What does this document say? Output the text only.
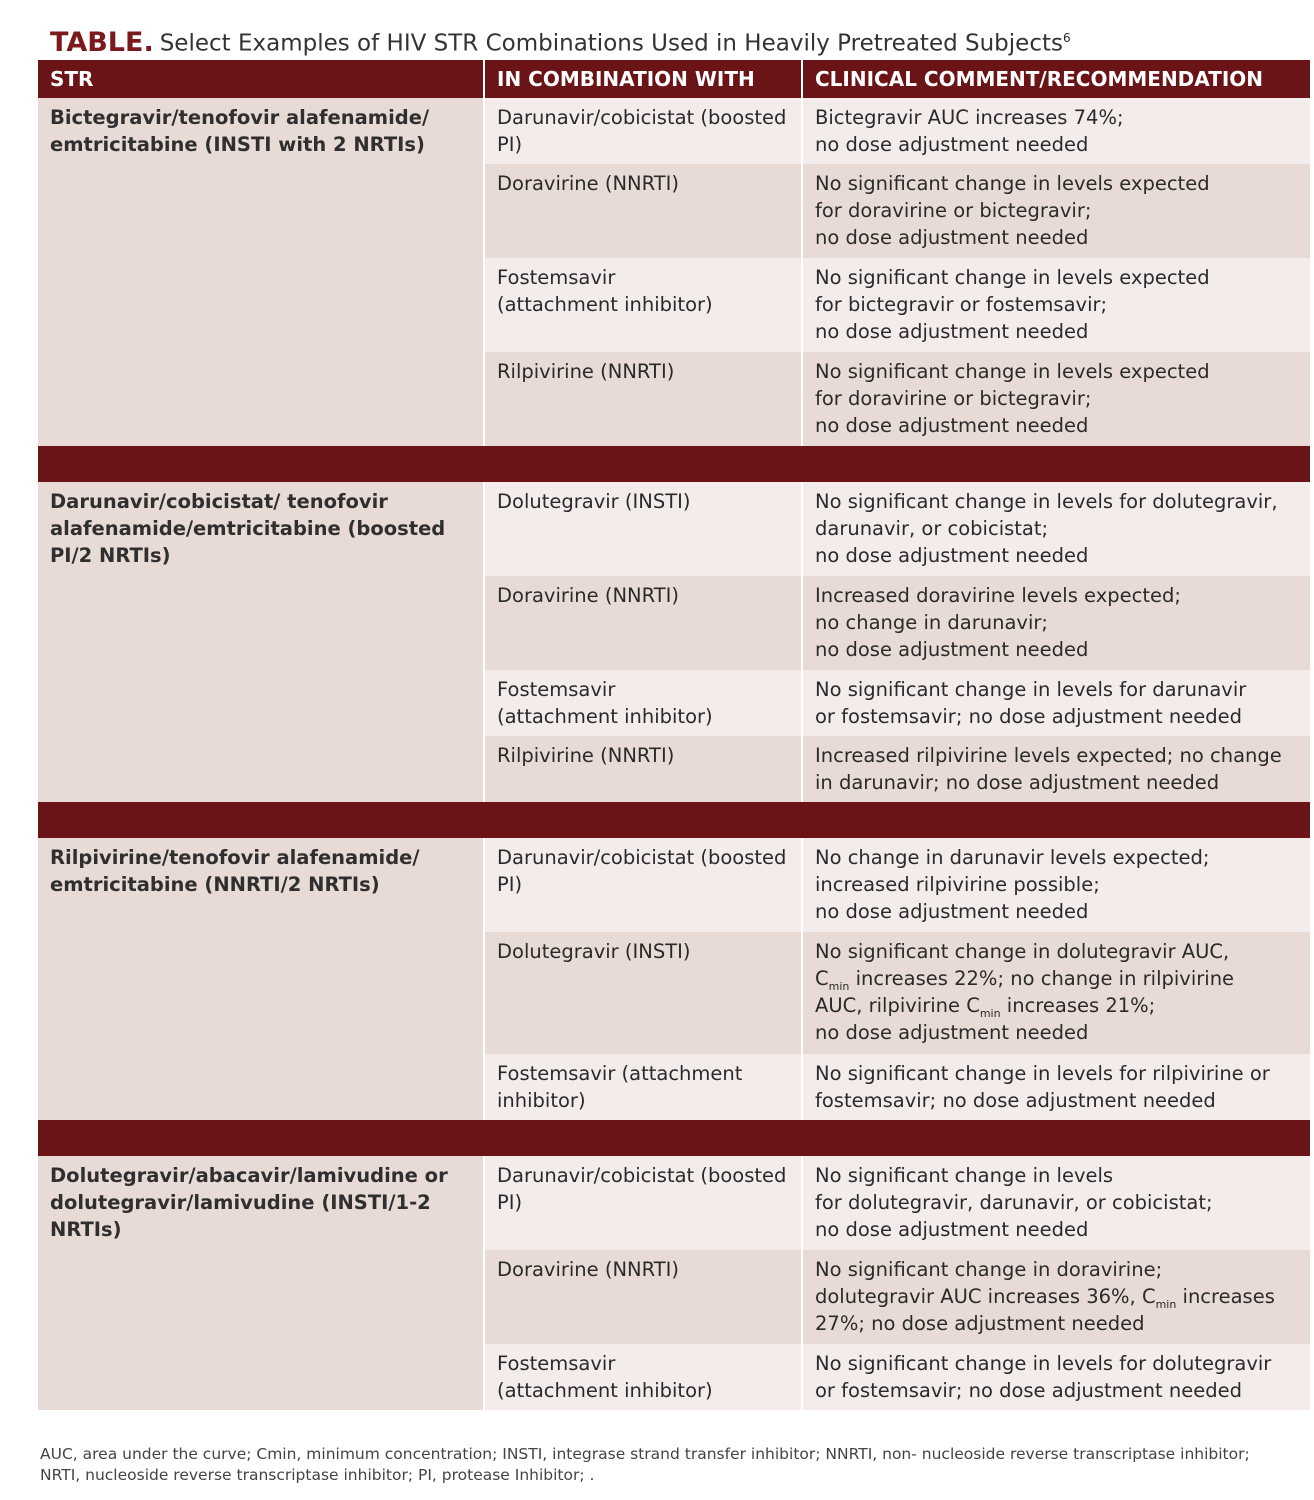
TABLE. Select Examples of HIV STR Combinations Used in Heavily Pretreated Subjects$^6$
STR	IN COMBINATION WITH	CLINICAL COMMENT/RECOMMENDATION
Bictegravir/tenofovir alafenamide/ emtricitabine (INSTI with 2 NRTIs)	Darunavir/cobicistat (boosted PI)	Bictegravir AUC increases 74%;
no dose adjustment needed
	Doravirine (NNRTI)	No significant change in levels expected
for doravirine or bictegravir;
no dose adjustment needed
	Fostemsavir
(attachment inhibitor)	No significant change in levels expected
for bictegravir or fostemsavir;
no dose adjustment needed
	Rilpivirine (NNRTI)	No significant change in levels expected
for doravirine or bictegravir;
no dose adjustment needed

Darunavir/cobicistat/ tenofovir alafenamide/emtricitabine (boosted PI/2 NRTIs)	Dolutegravir (INSTI)	No significant change in levels for dolutegravir,
darunavir, or cobicistat;
no dose adjustment needed
	Doravirine (NNRTI)	Increased doravirine levels expected;
no change in darunavir;
no dose adjustment needed
	Fostemsavir
(attachment inhibitor)	No significant change in levels for darunavir
or fostemsavir; no dose adjustment needed
	Rilpivirine (NNRTI)	Increased rilpivirine levels expected; no change
in darunavir; no dose adjustment needed

Rilpivirine/tenofovir alafenamide/ emtricitabine (NNRTI/2 NRTIs)	Darunavir/cobicistat (boosted PI)	No change in darunavir levels expected;
increased rilpivirine possible;
no dose adjustment needed
	Dolutegravir (INSTI)	No significant change in dolutegravir AUC,
$C_{min}$ increases 22%; no change in rilpivirine
AUC, rilpivirine $C_{min}$ increases 21%;
no dose adjustment needed
	Fostemsavir (attachment inhibitor)	No significant change in levels for rilpivirine or
fostemsavir; no dose adjustment needed

Dolutegravir/abacavir/lamivudine or dolutegravir/lamivudine (INSTI/1-2 NRTIs)	Darunavir/cobicistat (boosted PI)	No significant change in levels
for dolutegravir, darunavir, or cobicistat;
no dose adjustment needed
	Doravirine (NNRTI)	No significant change in doravirine;
dolutegravir AUC increases 36%, $C_{min}$ increases
27%; no dose adjustment needed
	Fostemsavir
(attachment inhibitor)	No significant change in levels for dolutegravir
or fostemsavir; no dose adjustment needed
AUC, area under the curve; Cmin, minimum concentration; INSTI, integrase strand transfer inhibitor; NNRTI, non- nucleoside reverse transcriptase inhibitor; NRTI, nucleoside reverse transcriptase inhibitor; PI, protease Inhibitor; .
